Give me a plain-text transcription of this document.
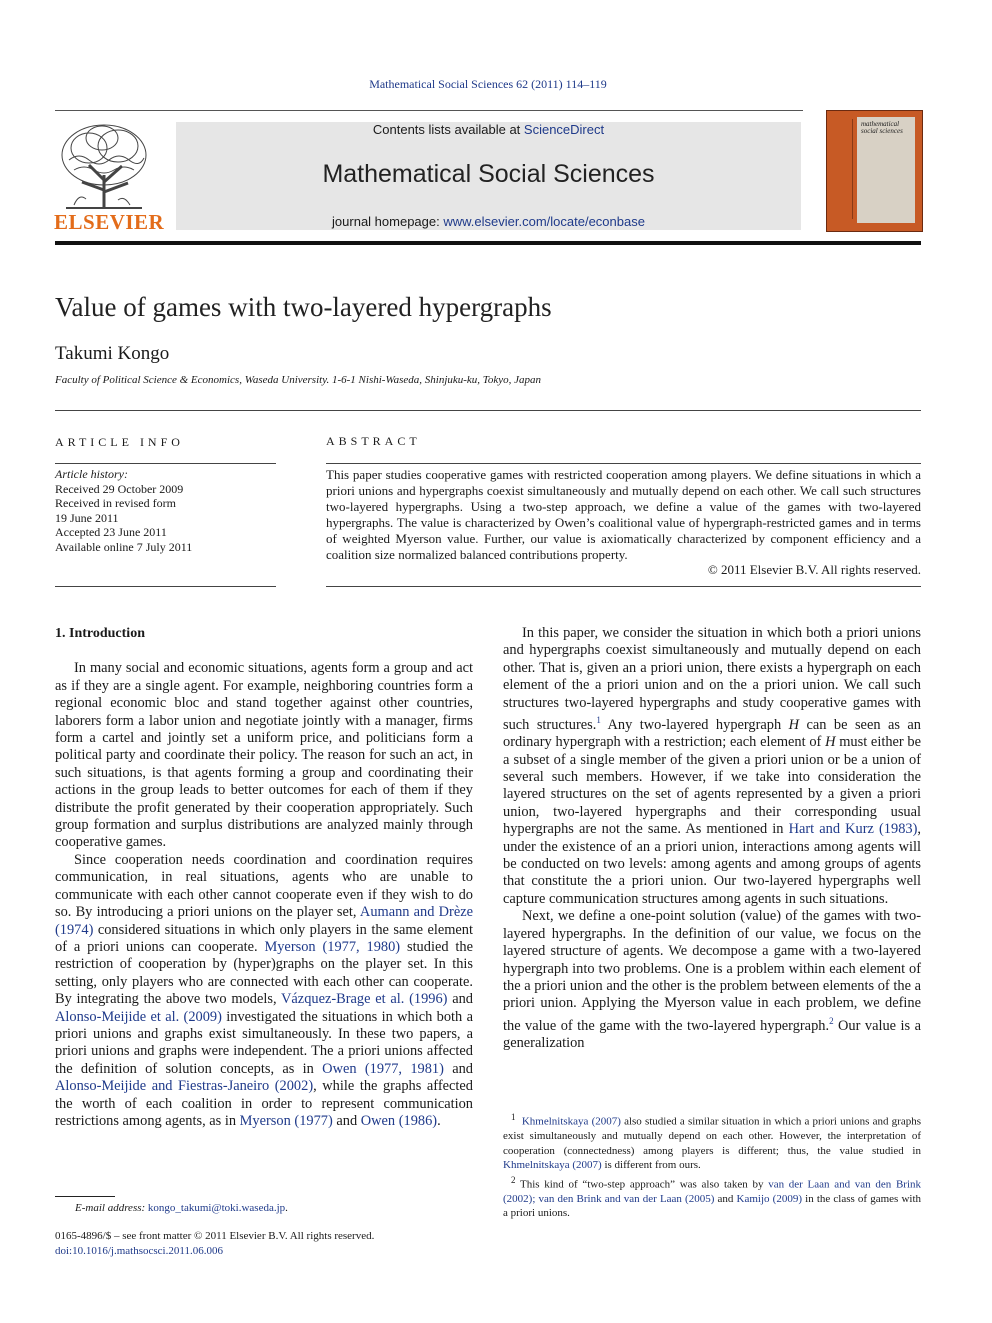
Mathematical Social Sciences 62 (2011) 114–119
ELSEVIER
Contents lists available at ScienceDirect
Mathematical Social Sciences
journal homepage: www.elsevier.com/locate/econbase
mathematical social sciences
Value of games with two-layered hypergraphs
Takumi Kongo
Faculty of Political Science & Economics, Waseda University. 1-6-1 Nishi-Waseda, Shinjuku-ku, Tokyo, Japan
ARTICLE INFO
Article history:
Received 29 October 2009
Received in revised form
19 June 2011
Accepted 23 June 2011
Available online 7 July 2011
ABSTRACT
This paper studies cooperative games with restricted cooperation among players. We define situations in which a priori unions and hypergraphs coexist simultaneously and mutually depend on each other. We call such structures two-layered hypergraphs. Using a two-step approach, we define a value of the games with two-layered hypergraphs. The value is characterized by Owen’s coalitional value of hypergraph-restricted games and in terms of weighted Myerson value. Further, our value is axiomatically characterized by component efficiency and a coalition size normalized balanced contributions property.
© 2011 Elsevier B.V. All rights reserved.
1. Introduction

In many social and economic situations, agents form a group and act as if they are a single agent. For example, neighboring countries form a regional economic bloc and stand together against other countries, laborers form a labor union and negotiate jointly with a manager, firms form a cartel and jointly set a uniform price, and politicians form a political party and coordinate their policy. The reason for such an act, in such situations, is that agents forming a group and coordinating their actions in the group leads to better outcomes for each of them if they distribute the profit generated by their cooperation appropriately. Such group formation and surplus distributions are analyzed mainly through cooperative games.

Since cooperation needs coordination and coordination requires communication, in real situations, agents who are unable to communicate with each other cannot cooperate even if they wish to do so. By introducing a priori unions on the player set, Aumann and Drèze (1974) considered situations in which only players in the same element of a priori unions can cooperate. Myerson (1977, 1980) studied the restriction of cooperation by (hyper)graphs on the player set. In this setting, only players who are connected with each other can cooperate. By integrating the above two models, Vázquez-Brage et al. (1996) and Alonso-Meijide et al. (2009) investigated the situations in which both a priori unions and graphs exist simultaneously. In these two papers, a priori unions and graphs were independent. The a priori unions affected the definition of solution concepts, as in Owen (1977, 1981) and Alonso-Meijide and Fiestras-Janeiro (2002), while the graphs affected the worth of each coalition in order to represent communication restrictions among agents, as in Myerson (1977) and Owen (1986).

In this paper, we consider the situation in which both a priori unions and hypergraphs coexist simultaneously and mutually depend on each other. That is, given an a priori union, there exists a hypergraph on each element of the a priori union and on the a priori union. We call such structures two-layered hypergraphs and study cooperative games with such structures.$^1$ Any two-layered hypergraph H can be seen as an ordinary hypergraph with a restriction; each element of H must either be a subset of a single member of the given a priori union or be a union of several such members. However, if we take into consideration the layered structures on the set of agents represented by a given a priori union, two-layered hypergraphs and their corresponding usual hypergraphs are not the same. As mentioned in Hart and Kurz (1983), under the existence of an a priori union, interactions among agents will be conducted on two levels: among agents and among groups of agents that constitute the a priori union. Our two-layered hypergraphs well capture communication structures among agents in such situations.

Next, we define a one-point solution (value) of the games with two-layered hypergraphs. In the definition of our value, we focus on the layered structure of agents. We decompose a game with a two-layered hypergraph into two problems. One is a problem within each element of the a priori union and the other is the problem between elements of the a priori union. Applying the Myerson value in each problem, we define the value of the game with the two-layered hypergraph.$^2$ Our value is a generalization

$^1$ Khmelnitskaya (2007) also studied a similar situation in which a priori unions and graphs exist simultaneously and mutually depend on each other. However, the interpretation of cooperation (connectedness) among players is different; thus, the value studied in Khmelnitskaya (2007) is different from ours.

$^2$ This kind of “two-step approach” was also taken by van der Laan and van den Brink (2002); van den Brink and van der Laan (2005) and Kamijo (2009) in the class of games with a priori unions.

E-mail address: kongo_takumi@toki.waseda.jp.
0165-4896/$ – see front matter © 2011 Elsevier B.V. All rights reserved.
doi:10.1016/j.mathsocsci.2011.06.006
